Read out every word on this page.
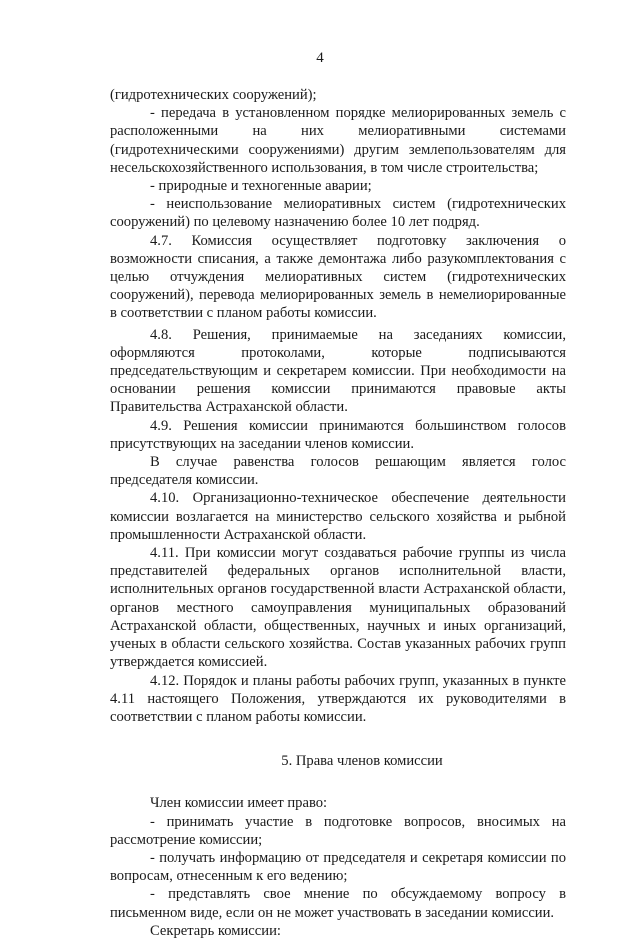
4
(гидротехнических сооружений);
- передача в установленном порядке мелиорированных земель с расположенными на них мелиоративными системами (гидротехническими сооружениями) другим землепользователям для несельскохозяйственного использования, в том числе строительства;
- природные и техногенные аварии;
- неиспользование мелиоративных систем (гидротехнических сооружений) по целевому назначению более 10 лет подряд.
4.7. Комиссия осуществляет подготовку заключения о возможности списания, а также демонтажа либо разукомплектования с целью отчуждения мелиоративных систем (гидротехнических сооружений), перевода мелиорированных земель в немелиорированные в соответствии с планом работы комиссии.
4.8. Решения, принимаемые на заседаниях комиссии, оформляются протоколами, которые подписываются председательствующим и секретарем комиссии. При необходимости на основании решения комиссии принимаются правовые акты Правительства Астраханской области.
4.9. Решения комиссии принимаются большинством голосов присутствующих на заседании членов комиссии.
В случае равенства голосов решающим является голос председателя комиссии.
4.10. Организационно-техническое обеспечение деятельности комиссии возлагается на министерство сельского хозяйства и рыбной промышленности Астраханской области.
4.11. При комиссии могут создаваться рабочие группы из числа представителей федеральных органов исполнительной власти, исполнительных органов государственной власти Астраханской области, органов местного самоуправления муниципальных образований Астраханской области, общественных, научных и иных организаций, ученых в области сельского хозяйства. Состав указанных рабочих групп утверждается комиссией.
4.12. Порядок и планы работы рабочих групп, указанных в пункте 4.11 настоящего Положения, утверждаются их руководителями в соответствии с планом работы комиссии.
5. Права членов комиссии
Член комиссии имеет право:
- принимать участие в подготовке вопросов, вносимых на рассмотрение комиссии;
- получать информацию от председателя и секретаря комиссии по вопросам, отнесенным к его ведению;
- представлять свое мнение по обсуждаемому вопросу в письменном виде, если он не может участвовать в заседании комиссии.
Секретарь комиссии:
